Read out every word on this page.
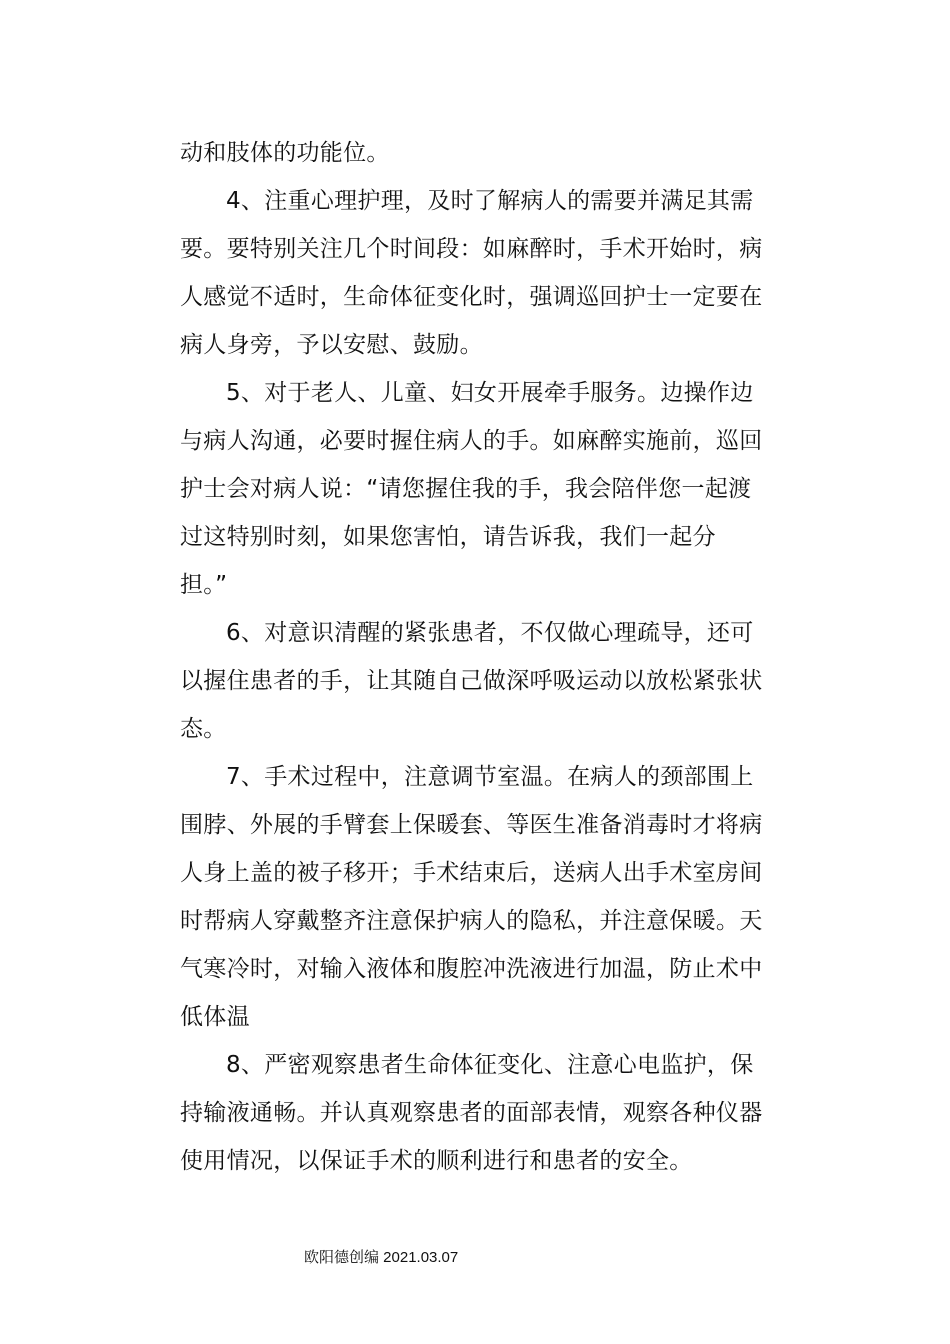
动和肢体的功能位。
4、注重心理护理，及时了解病人的需要并满足其需
要。要特别关注几个时间段：如麻醉时，手术开始时，病
人感觉不适时，生命体征变化时，强调巡回护士一定要在
病人身旁，予以安慰、鼓励。
5、对于老人、儿童、妇女开展牵手服务。边操作边
与病人沟通，必要时握住病人的手。如麻醉实施前，巡回
护士会对病人说：“请您握住我的手，我会陪伴您一起渡
过这特别时刻，如果您害怕，请告诉我，我们一起分
担。”
6、对意识清醒的紧张患者，不仅做心理疏导，还可
以握住患者的手，让其随自己做深呼吸运动以放松紧张状
态。
7、手术过程中，注意调节室温。在病人的颈部围上
围脖、外展的手臂套上保暖套、等医生准备消毒时才将病
人身上盖的被子移开；手术结束后，送病人出手术室房间
时帮病人穿戴整齐注意保护病人的隐私，并注意保暖。天
气寒冷时，对输入液体和腹腔冲洗液进行加温，防止术中
低体温
8、严密观察患者生命体征变化、注意心电监护，保
持输液通畅。并认真观察患者的面部表情，观察各种仪器
使用情况，以保证手术的顺利进行和患者的安全。
欧阳德创编 2021.03.07
